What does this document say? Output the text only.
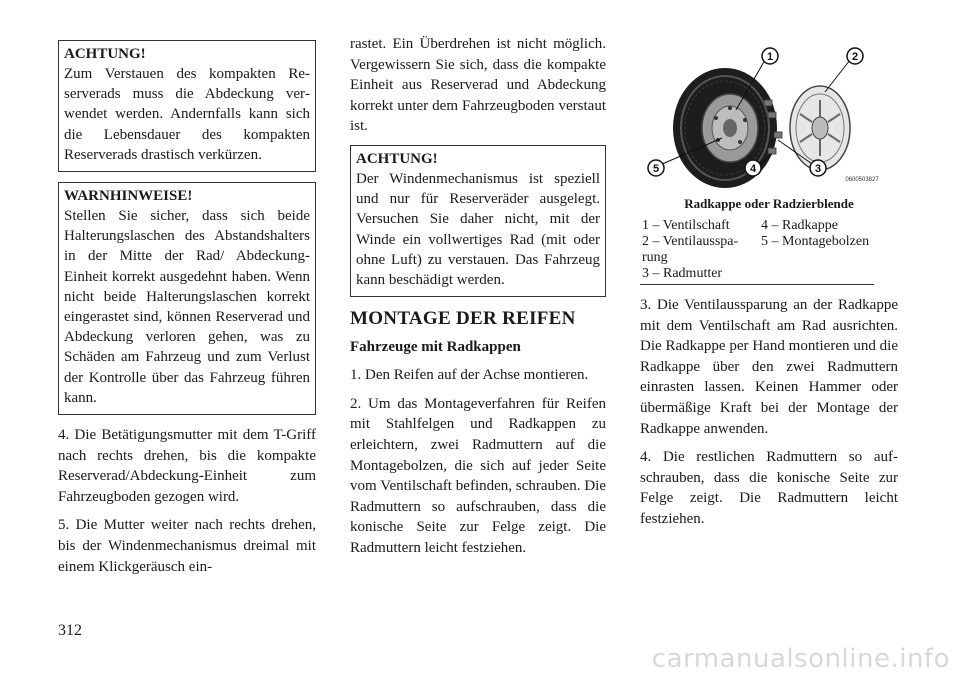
ACHTUNG!
Zum Verstauen des kompakten Reserverads muss die Abdeckung verwendet werden. Andernfalls kann sich die Lebensdauer des kompakten Reserverads drastisch verkürzen.
WARNHINWEISE!
Stellen Sie sicher, dass sich beide Halterungslaschen des Abstandshalters in der Mitte der Rad/ Abdeckung-Einheit korrekt ausgedehnt haben. Wenn nicht beide Halterungslaschen korrekt eingerastet sind, können Reserverad und Abdeckung verloren gehen, was zu Schäden am Fahrzeug und zum Verlust der Kontrolle über das Fahrzeug führen kann.

4. Die Betätigungsmutter mit dem T-Griff nach rechts drehen, bis die kompakte Reserverad/Abdeckung-Einheit zum Fahrzeugboden gezogen wird.

5. Die Mutter weiter nach rechts drehen, bis der Windenmechanismus dreimal mit einem Klickgeräusch ein-

rastet. Ein Überdrehen ist nicht möglich. Vergewissern Sie sich, dass die kompakte Einheit aus Reserverad und Abdeckung korrekt unter dem Fahrzeugboden verstaut ist.

ACHTUNG!
Der Windenmechanismus ist speziell und nur für Reserveräder ausgelegt. Versuchen Sie daher nicht, mit der Winde ein vollwertiges Rad (mit oder ohne Luft) zu verstauen. Das Fahrzeug kann beschädigt werden.
MONTAGE DER REIFEN
Fahrzeuge mit Radkappen

1. Den Reifen auf der Achse montieren.

2. Um das Montageverfahren für Reifen mit Stahlfelgen und Radkappen zu erleichtern, zwei Radmuttern auf die Montagebolzen, die sich auf jeder Seite vom Ventilschaft befinden, schrauben. Die Radmuttern so aufschrauben, dass die konische Seite zur Felge zeigt. Die Radmuttern leicht festziehen.

1	2
3
4
5
0600503827
Radkappe oder Radzierblende
1 – Ventilschaft	4 – Radkappe
2 – Ventilaussparung
5 – Montagebolzen
3 – Radmutter

3. Die Ventilaussparung an der Radkappe mit dem Ventilschaft am Rad ausrichten. Die Radkappe per Hand montieren und die Radkappe über den zwei Radmuttern einrasten lassen. Keinen Hammer oder übermäßige Kraft bei der Montage der Radkappe anwenden.

4. Die restlichen Radmuttern so aufschrauben, dass die konische Seite zur Felge zeigt. Die Radmuttern leicht festziehen.

312
carmanualsonline.info
